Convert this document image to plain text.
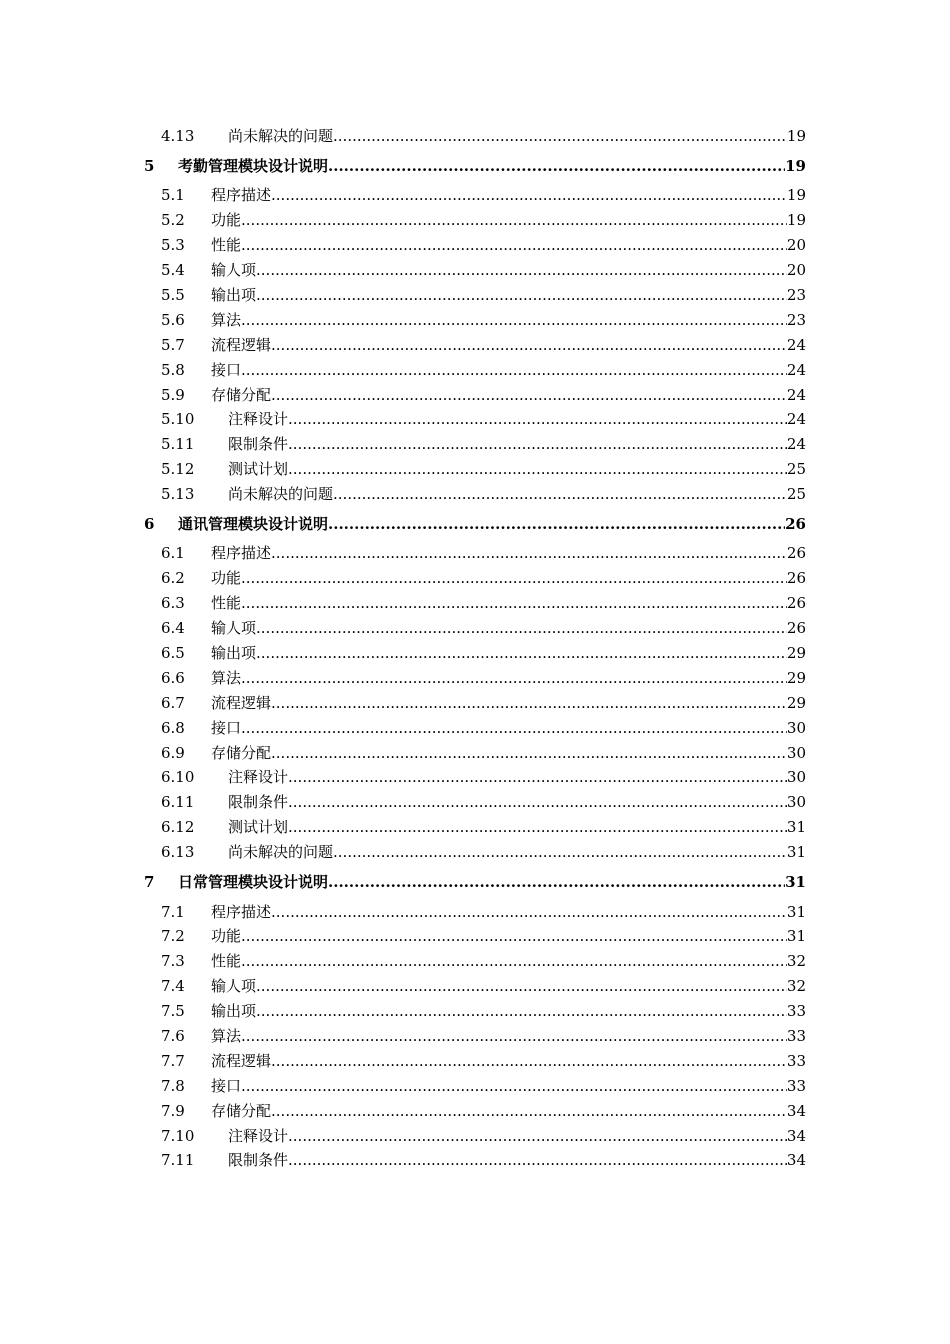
4.13 尚未解决的问题 .....	19
5 考勤管理模块设计说明 .....	19
5.1 程序描述 .....	19
5.2 功能 .....	19
5.3 性能 .....	20
5.4 输人项 .....	20
5.5 输出项 .....	23
5.6 算法 .....	23
5.7 流程逻辑 .....	24
5.8 接口 .....	24
5.9 存储分配 .....	24
5.10 注释设计 .....	24
5.11 限制条件 .....	24
5.12 测试计划 .....	25
5.13 尚未解决的问题 .....	25
6 通讯管理模块设计说明 .....	26
6.1 程序描述 .....	26
6.2 功能 .....	26
6.3 性能 .....	26
6.4 输人项 .....	26
6.5 输出项 .....	29
6.6 算法 .....	29
6.7 流程逻辑 .....	29
6.8 接口 .....	30
6.9 存储分配 .....	30
6.10 注释设计 .....	30
6.11 限制条件 .....	30
6.12 测试计划 .....	31
6.13 尚未解决的问题 .....	31
7 日常管理模块设计说明 .....	31
7.1 程序描述 .....	31
7.2 功能 .....	31
7.3 性能 .....	32
7.4 输人项 .....	32
7.5 输出项 .....	33
7.6 算法 .....	33
7.7 流程逻辑 .....	33
7.8 接口 .....	33
7.9 存储分配 .....	34
7.10 注释设计 .....	34
7.11 限制条件 .....	34
